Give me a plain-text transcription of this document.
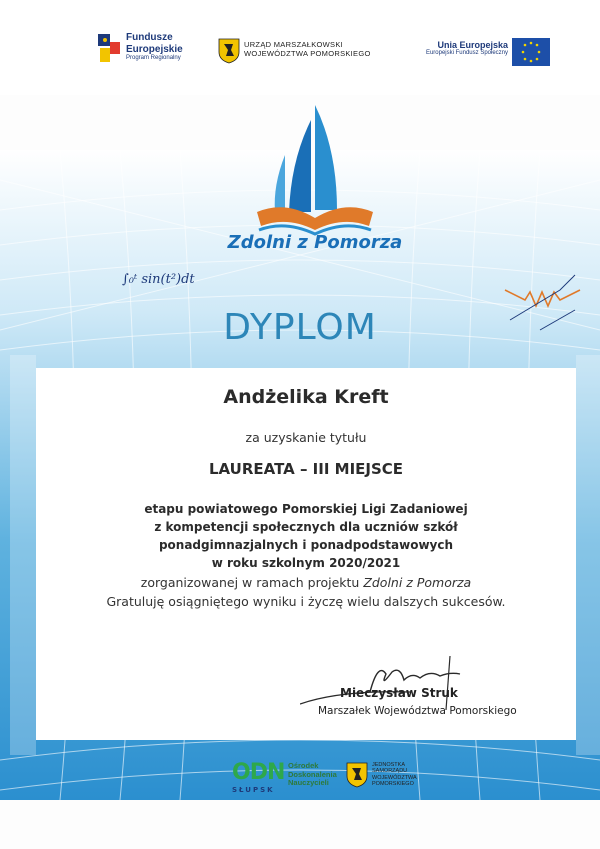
Fundusze
Europejskie
Program Regionalny
URZĄD MARSZAŁKOWSKI
WOJEWÓDZTWA POMORSKIEGO
Unia Europejska
Europejski Fundusz Społeczny
Zdolni z Pomorza
∫₀ᵗ sin(t²)dt
DYPLOM
Andżelika Kreft
za uzyskanie tytułu
LAUREATA – III MIEJSCE
etapu powiatowego Pomorskiej Ligi Zadaniowej
z kompetencji społecznych dla uczniów szkół
ponadgimnazjalnych i ponadpodstawowych
w roku szkolnym 2020/2021
zorganizowanej w ramach projektu Zdolni z Pomorza
Gratuluję osiągniętego wyniku i życzę wielu dalszych sukcesów.
Mieczysław Struk
Marszałek Województwa Pomorskiego
ODN
SŁUPSK
Ośrodek
Doskonalenia
Nauczycieli
JEDNOSTKA
SAMORZĄDU
WOJEWÓDZTWA
POMORSKIEGO
